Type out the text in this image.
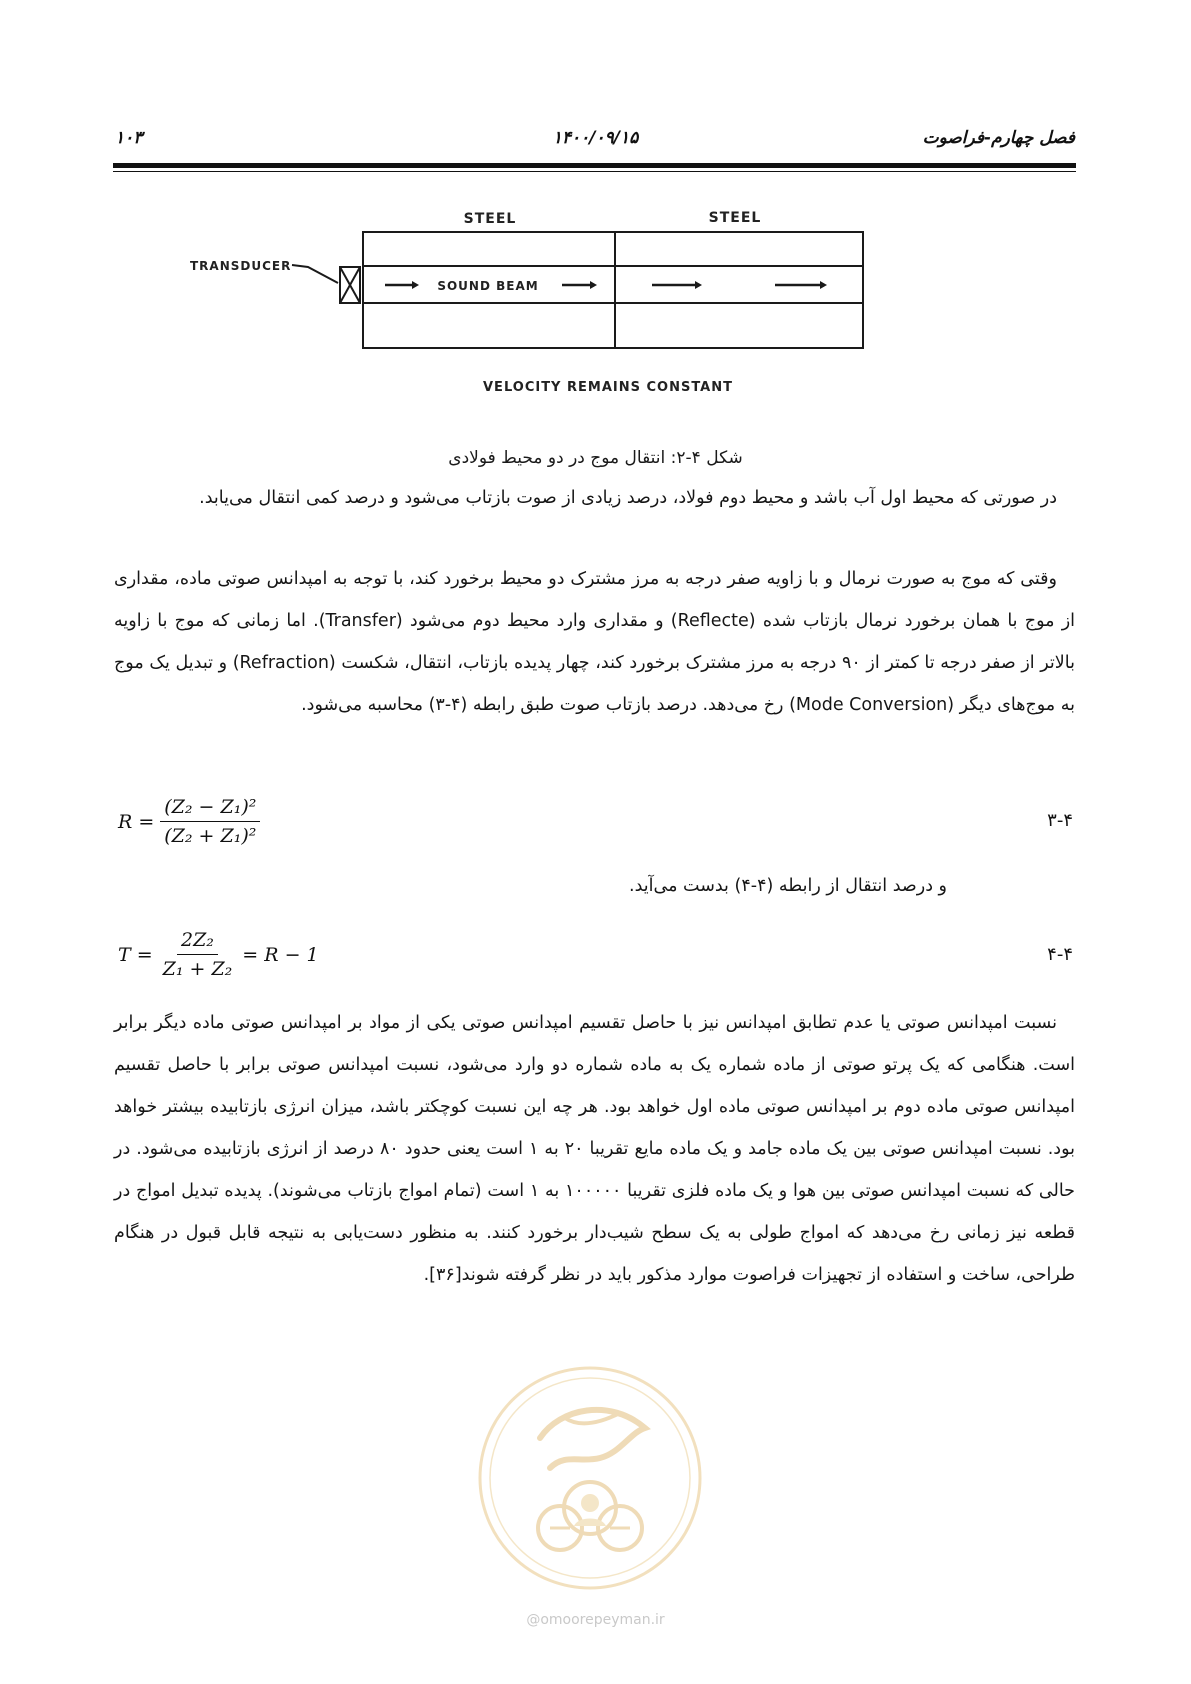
فصل چهارم-فراصوت
۱۴۰۰/۰۹/۱۵
۱۰۳
STEEL	STEEL
TRANSDUCER
SOUND BEAM
VELOCITY REMAINS CONSTANT
شکل ۴-۲: انتقال موج در دو محیط فولادی

در صورتی که محیط اول آب باشد و محیط دوم فولاد، درصد زیادی از صوت بازتاب می‌شود و درصد کمی انتقال می‌یابد.

وقتی که موج به صورت نرمال و با زاویه صفر درجه به مرز مشترک دو محیط برخورد کند، با توجه به امپدانس صوتی ماده، مقداری از موج با همان برخورد نرمال بازتاب شده (Reflecte) و مقداری وارد محیط دوم می‌شود (Transfer). اما زمانی که موج با زاویه بالاتر از صفر درجه تا کمتر از ۹۰ درجه به مرز مشترک برخورد کند، چهار پدیده بازتاب، انتقال، شکست (Refraction) و تبدیل یک موج به موج‌های دیگر (Mode Conversion) رخ می‌دهد. درصد بازتاب صوت طبق رابطه (۴-۳) محاسبه می‌شود.

$R = \frac{\text{(Z₂ − Z₁)²}}{\text{(Z₂ + Z₁)²}}$	۳-۴

و درصد انتقال از رابطه (۴-۴) بدست می‌آید.

$T = \frac{\text{2Z₂}}{\text{Z₁ + Z₂}} = R - 1$	۴-۴

نسبت امپدانس صوتی یا عدم تطابق امپدانس نیز با حاصل تقسیم امپدانس صوتی یکی از مواد بر امپدانس صوتی ماده دیگر برابر است. هنگامی که یک پرتو صوتی از ماده شماره یک به ماده شماره دو وارد می‌شود، نسبت امپدانس صوتی برابر با حاصل تقسیم امپدانس صوتی ماده دوم بر امپدانس صوتی ماده اول خواهد بود. هر چه این نسبت کوچکتر باشد، میزان انرژی بازتابیده بیشتر خواهد بود. نسبت امپدانس صوتی بین یک ماده جامد و یک ماده مایع تقریبا ۲۰ به ۱ است یعنی حدود ۸۰ درصد از انرژی بازتابیده می‌شود. در حالی که نسبت امپدانس صوتی بین هوا و یک ماده فلزی تقریبا ۱۰۰۰۰۰ به ۱ است (تمام امواج بازتاب می‌شوند). پدیده تبدیل امواج در قطعه نیز زمانی رخ می‌دهد که امواج طولی به یک سطح شیب‌دار برخورد کنند. به منظور دست‌یابی به نتیجه قابل قبول در هنگام طراحی، ساخت و استفاده از تجهیزات فراصوت موارد مذکور باید در نظر گرفته شوند[۳۶].

@omoorepeyman.ir
